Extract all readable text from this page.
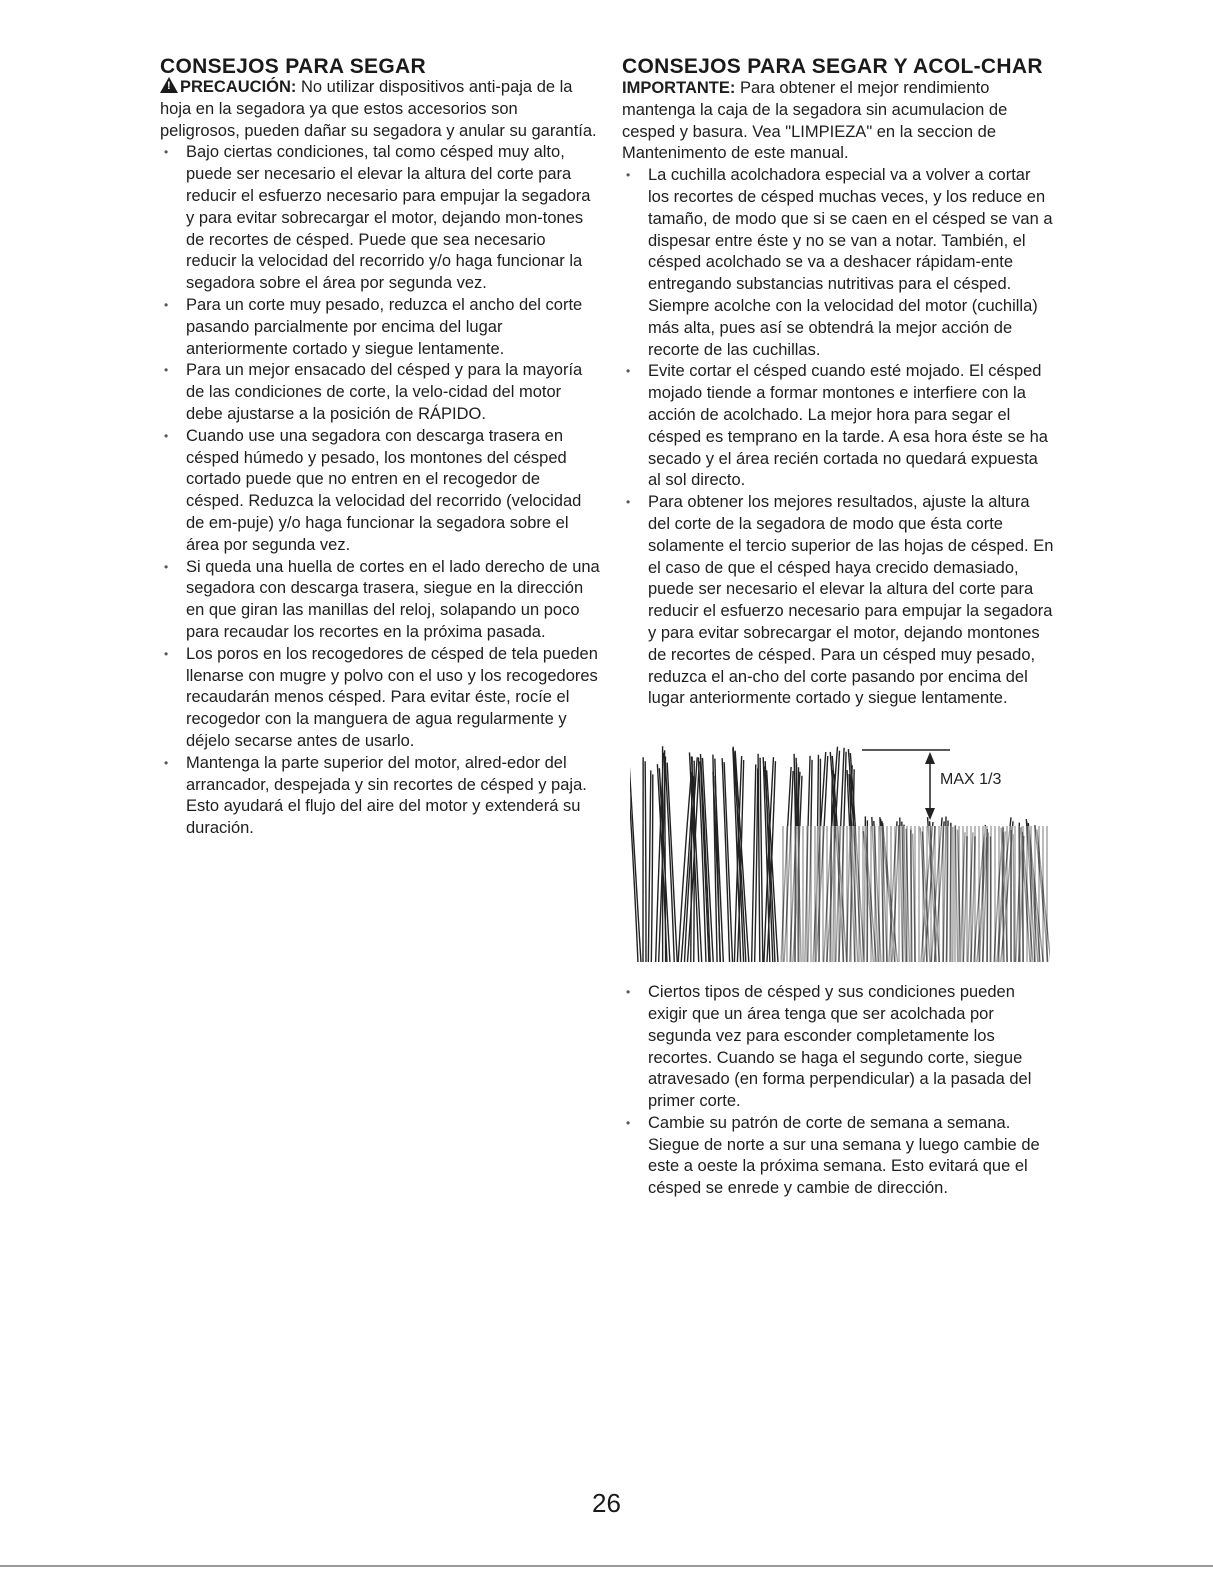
CONSEJOS PARA SEGAR

!PRECAUCIÓN: No utilizar dispositivos anti-paja de la hoja en la segadora ya que estos accesorios son peligrosos, pueden dañar su segadora y anular su garantía.

• Bajo ciertas condiciones, tal como césped muy alto, puede ser necesario el elevar la altura del corte para reducir el esfuerzo necesario para empujar la segadora y para evitar sobrecargar el motor, dejando mon-tones de recortes de césped. Puede que sea necesario reducir la velocidad del recorrido y/o haga funcionar la segadora sobre el área por segunda vez.
• Para un corte muy pesado, reduzca el ancho del corte pasando parcialmente por encima del lugar anteriormente cortado y siegue lentamente.
• Para un mejor ensacado del césped y para la mayoría de las condiciones de corte, la velo-cidad del motor debe ajustarse a la posición de RÁPIDO.
• Cuando use una segadora con descarga trasera en césped húmedo y pesado, los montones del césped cortado puede que no entren en el recogedor de césped. Reduzca la velocidad del recorrido (velocidad de em-puje) y/o haga funcionar la segadora sobre el área por segunda vez.
• Si queda una huella de cortes en el lado derecho de una segadora con descarga trasera, siegue en la dirección en que giran las manillas del reloj, solapando un poco para recaudar los recortes en la próxima pasada.
• Los poros en los recogedores de césped de tela pueden llenarse con mugre y polvo con el uso y los recogedores recaudarán menos césped. Para evitar éste, rocíe el recogedor con la manguera de agua regularmente y déjelo secarse antes de usarlo.
• Mantenga la parte superior del motor, alred-edor del arrancador, despejada y sin recortes de césped y paja. Esto ayudará el flujo del aire del motor y extenderá su duración.
CONSEJOS PARA SEGAR Y ACOL-CHAR

IMPORTANTE: Para obtener el mejor rendimiento mantenga la caja de la segadora sin acumulacion de cesped y basura. Vea "LIMPIEZA" en la seccion de Mantenimento de este manual.

• La cuchilla acolchadora especial va a volver a cortar los recortes de césped muchas veces, y los reduce en tamaño, de modo que si se caen en el césped se van a dispesar entre éste y no se van a notar. También, el césped acolchado se va a deshacer rápidam-ente entregando substancias nutritivas para el césped. Siempre acolche con la velocidad del motor (cuchilla) más alta, pues así se obtendrá la mejor acción de recorte de las cuchillas.
• Evite cortar el césped cuando esté mojado. El césped mojado tiende a formar montones e interfiere con la acción de acolchado. La mejor hora para segar el césped es temprano en la tarde. A esa hora éste se ha secado y el área recién cortada no quedará expuesta al sol directo.
• Para obtener los mejores resultados, ajuste la altura del corte de la segadora de modo que ésta corte solamente el tercio superior de las hojas de césped. En el caso de que el césped haya crecido demasiado, puede ser necesario el elevar la altura del corte para reducir el esfuerzo necesario para empujar la segadora y para evitar sobrecargar el motor, dejando montones de recortes de césped. Para un césped muy pesado, reduzca el an-cho del corte pasando por encima del lugar anteriormente cortado y siegue lentamente.
MAX 1/3
• Ciertos tipos de césped y sus condiciones pueden exigir que un área tenga que ser acolchada por segunda vez para esconder completamente los recortes. Cuando se haga el segundo corte, siegue atravesado (en forma perpendicular) a la pasada del primer corte.
• Cambie su patrón de corte de semana a semana. Siegue de norte a sur una semana y luego cambie de este a oeste la próxima semana. Esto evitará que el césped se enrede y cambie de dirección.
26
